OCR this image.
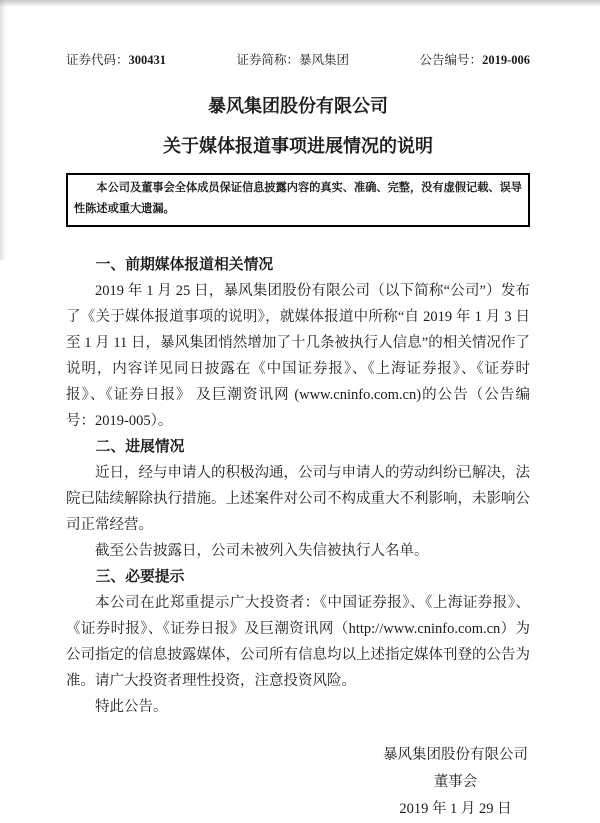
证券代码：300431	证券简称：暴风集团	公告编号：2019-006
暴风集团股份有限公司
关于媒体报道事项进展情况的说明

本公司及董事会全体成员保证信息披露内容的真实、准确、完整，没有虚假记载、误导性陈述或重大遗漏。

一、前期媒体报道相关情况

2019 年 1 月 25 日，暴风集团股份有限公司（以下简称“公司”）发布了《关于媒体报道事项的说明》，就媒体报道中所称“自 2019 年 1 月 3 日至 1 月 11 日，暴风集团悄然增加了十几条被执行人信息”的相关情况作了说明，内容详见同日披露在《中国证券报》、《上海证券报》、《证券时报》、《证券日报》 及巨潮资讯网 (www.cninfo.com.cn)的公告（公告编号：2019-005）。

二、进展情况

近日，经与申请人的积极沟通，公司与申请人的劳动纠纷已解决，法院已陆续解除执行措施。上述案件对公司不构成重大不利影响，未影响公司正常经营。

截至公告披露日，公司未被列入失信被执行人名单。

三、必要提示

本公司在此郑重提示广大投资者：《中国证券报》、《上海证券报》、《证券时报》、《证券日报》及巨潮资讯网（http://www.cninfo.com.cn）为公司指定的信息披露媒体，公司所有信息均以上述指定媒体刊登的公告为准。请广大投资者理性投资，注意投资风险。

特此公告。

暴风集团股份有限公司
董事会
2019 年 1 月 29 日
